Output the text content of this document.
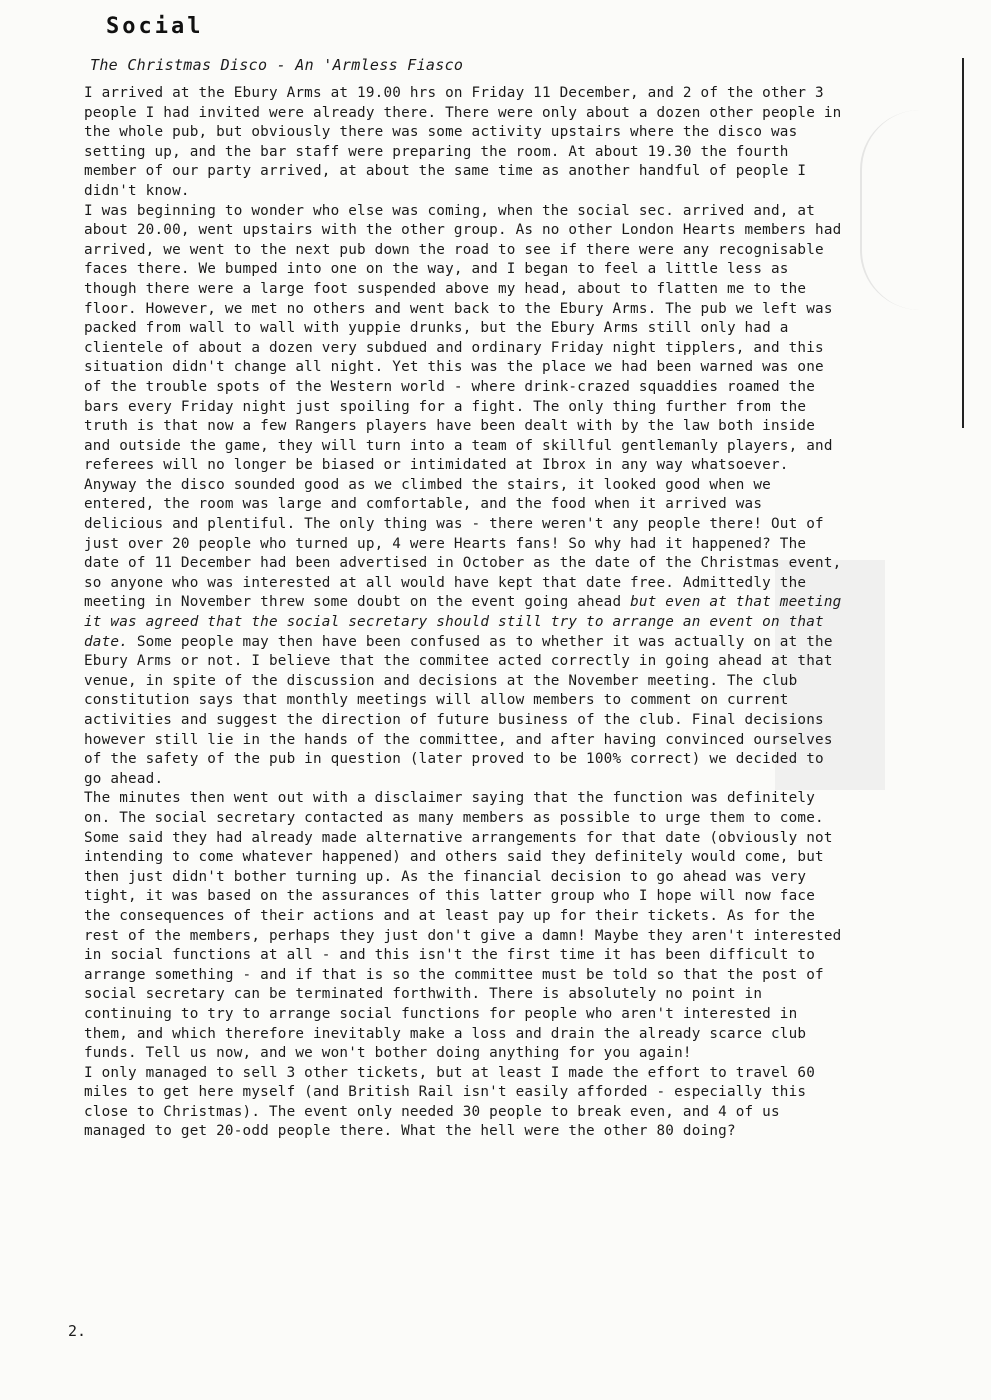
Social
The Christmas Disco - An 'Armless Fiasco

I arrived at the Ebury Arms at 19.00 hrs on Friday 11 December, and 2 of the other 3 people I had invited were already there. There were only about a dozen other people in the whole pub, but obviously there was some activity upstairs where the disco was setting up, and the bar staff were preparing the room. At about 19.30 the fourth member of our party arrived, at about the same time as another handful of people I didn't know.

I was beginning to wonder who else was coming, when the social sec. arrived and, at about 20.00, went upstairs with the other group. As no other London Hearts members had arrived, we went to the next pub down the road to see if there were any recognisable faces there. We bumped into one on the way, and I began to feel a little less as though there were a large foot suspended above my head, about to flatten me to the floor. However, we met no others and went back to the Ebury Arms. The pub we left was packed from wall to wall with yuppie drunks, but the Ebury Arms still only had a clientele of about a dozen very subdued and ordinary Friday night tipplers, and this situation didn't change all night. Yet this was the place we had been warned was one of the trouble spots of the Western world - where drink-crazed squaddies roamed the bars every Friday night just spoiling for a fight. The only thing further from the truth is that now a few Rangers players have been dealt with by the law both inside and outside the game, they will turn into a team of skillful gentlemanly players, and referees will no longer be biased or intimidated at Ibrox in any way whatsoever.

Anyway the disco sounded good as we climbed the stairs, it looked good when we entered, the room was large and comfortable, and the food when it arrived was delicious and plentiful. The only thing was - there weren't any people there! Out of just over 20 people who turned up, 4 were Hearts fans! So why had it happened? The date of 11 December had been advertised in October as the date of the Christmas event, so anyone who was interested at all would have kept that date free. Admittedly the meeting in November threw some doubt on the event going ahead but even at that meeting it was agreed that the social secretary should still try to arrange an event on that date. Some people may then have been confused as to whether it was actually on at the Ebury Arms or not. I believe that the commitee acted correctly in going ahead at that venue, in spite of the discussion and decisions at the November meeting. The club constitution says that monthly meetings will allow members to comment on current activities and suggest the direction of future business of the club. Final decisions however still lie in the hands of the committee, and after having convinced ourselves of the safety of the pub in question (later proved to be 100% correct) we decided to go ahead.

The minutes then went out with a disclaimer saying that the function was definitely on. The social secretary contacted as many members as possible to urge them to come. Some said they had already made alternative arrangements for that date (obviously not intending to come whatever happened) and others said they definitely would come, but then just didn't bother turning up. As the financial decision to go ahead was very tight, it was based on the assurances of this latter group who I hope will now face the consequences of their actions and at least pay up for their tickets. As for the rest of the members, perhaps they just don't give a damn! Maybe they aren't interested in social functions at all - and this isn't the first time it has been difficult to arrange something - and if that is so the committee must be told so that the post of social secretary can be terminated forthwith. There is absolutely no point in continuing to try to arrange social functions for people who aren't interested in them, and which therefore inevitably make a loss and drain the already scarce club funds. Tell us now, and we won't bother doing anything for you again!

I only managed to sell 3 other tickets, but at least I made the effort to travel 60 miles to get here myself (and British Rail isn't easily afforded - especially this close to Christmas). The event only needed 30 people to break even, and 4 of us managed to get 20-odd people there. What the hell were the other 80 doing?

2.
